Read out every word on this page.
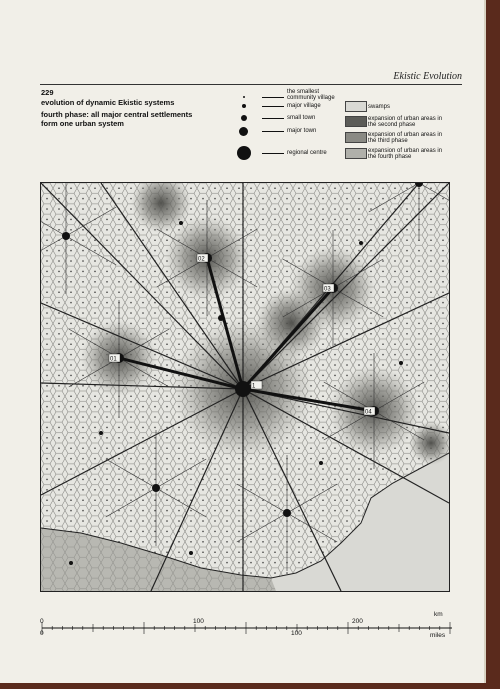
Ekistic Evolution
229
evolution of dynamic Ekistic systems
fourth phase: all major central settlements form one urban system
the smallest community village
major village
small town
major town
regional centre
swamps
expansion of urban areas in the second phase
expansion of urban areas in the third phase
expansion of urban areas in the fourth phase
01
02
03
04
1
km
0	100	200
0	100	miles
